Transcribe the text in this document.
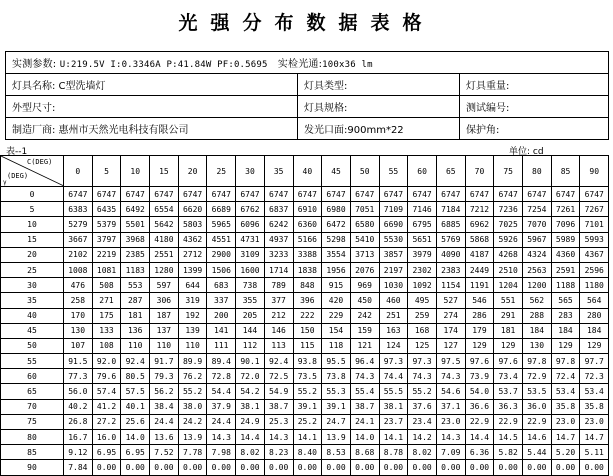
光强分布数据表格
实测参数: U:219.5V I:0.3346A P:41.84W PF:0.5695 实检光通:100x36 lm		
灯具名称: C型洗墙灯	灯具类型:	灯具重量:
外型尺寸:	灯具规格:	测试编号:
制造厂商: 惠州市天然光电科技有限公司	发光口面:900mm*22	保护角:
表--1	单位: cd
C(DEG)
(DEG)
γ	0	5	10	15	20	25	30	35	40	45	50	55	60	65	70	75	80	85	90
0	6747	6747	6747	6747	6747	6747	6747	6747	6747	6747	6747	6747	6747	6747	6747	6747	6747	6747	6747
5	6383	6435	6492	6554	6620	6689	6762	6837	6910	6980	7051	7109	7146	7184	7212	7236	7254	7261	7267
10	5279	5379	5501	5642	5803	5965	6096	6242	6360	6472	6580	6690	6795	6885	6962	7025	7070	7096	7101
15	3667	3797	3968	4180	4362	4551	4731	4937	5166	5298	5410	5530	5651	5769	5868	5926	5967	5989	5993
20	2102	2219	2385	2551	2712	2900	3109	3233	3388	3554	3713	3857	3979	4090	4187	4268	4324	4360	4367
25	1008	1081	1183	1280	1399	1506	1600	1714	1838	1956	2076	2197	2302	2383	2449	2510	2563	2591	2596
30	476	508	553	597	644	683	738	789	848	915	969	1030	1092	1154	1191	1204	1200	1188	1180
35	258	271	287	306	319	337	355	377	396	420	450	460	495	527	546	551	562	565	564
40	170	175	181	187	192	200	205	212	222	229	242	251	259	274	286	291	288	283	280
45	130	133	136	137	139	141	144	146	150	154	159	163	168	174	179	181	184	184	184
50	107	108	110	110	110	111	112	113	115	118	121	124	125	127	129	129	130	129	129
55	91.5	92.0	92.4	91.7	89.9	89.4	90.1	92.4	93.8	95.5	96.4	97.3	97.3	97.5	97.6	97.6	97.8	97.8	97.7
60	77.3	79.6	80.5	79.3	76.2	72.8	72.0	72.5	73.5	73.8	74.3	74.4	74.3	74.3	73.9	73.4	72.9	72.4	72.3
65	56.0	57.4	57.5	56.2	55.2	54.4	54.2	54.9	55.2	55.3	55.4	55.5	55.2	54.6	54.0	53.7	53.5	53.4	53.4
70	40.2	41.2	40.1	38.4	38.0	37.9	38.1	38.7	39.1	39.1	38.7	38.1	37.6	37.1	36.6	36.3	36.0	35.8	35.8
75	26.8	27.2	25.6	24.4	24.2	24.4	24.9	25.3	25.2	24.7	24.1	23.7	23.4	23.0	22.9	22.9	22.9	23.0	23.0
80	16.7	16.0	14.0	13.6	13.9	14.3	14.4	14.3	14.1	13.9	14.0	14.1	14.2	14.3	14.4	14.5	14.6	14.7	14.7
85	9.12	6.95	6.95	7.52	7.78	7.98	8.02	8.23	8.40	8.53	8.68	8.78	8.02	7.09	6.36	5.82	5.44	5.20	5.11
90	7.84	0.00	0.00	0.00	0.00	0.00	0.00	0.00	0.00	0.00	0.00	0.00	0.00	0.00	0.00	0.00	0.00	0.00	0.00
